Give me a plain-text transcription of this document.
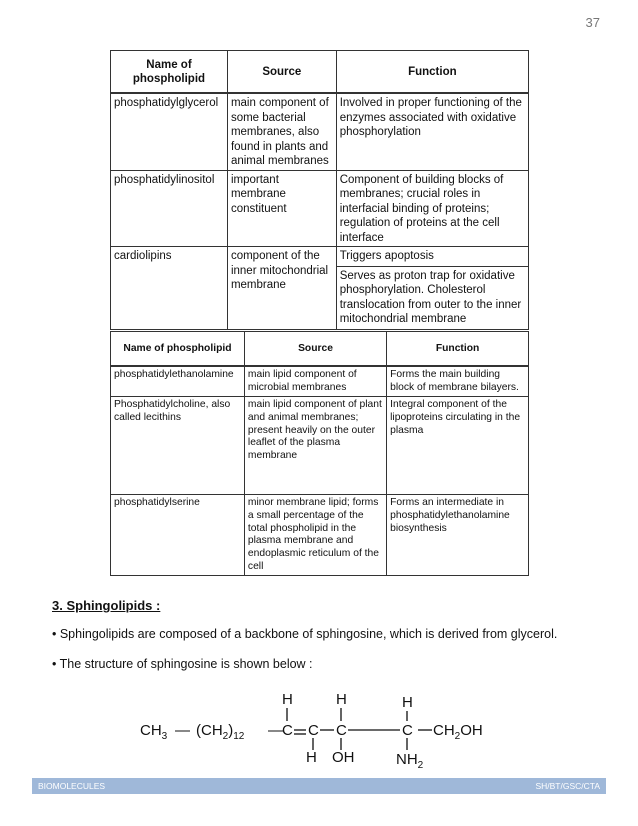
37
Name of phospholipid	Source	Function
phosphatidylglycerol	main component of some bacterial membranes, also found in plants and animal membranes	Involved in proper functioning of the enzymes associated with oxidative phosphorylation
phosphatidylinositol	important membrane constituent	Component of building blocks of membranes; crucial roles in interfacial binding of proteins; regulation of proteins at the cell interface
cardiolipins	component of the inner mitochondrial membrane	Triggers apoptosis
Serves as proton trap for oxidative phosphorylation. Cholesterol translocation from outer to the inner mitochondrial membrane
Name of phospholipid	Source	Function
phosphatidylethanolamine	main lipid component of microbial membranes	Forms the main building block of membrane bilayers.
Phosphatidylcholine, also called lecithins	main lipid component of plant and animal membranes; present heavily on the outer leaflet of the plasma membrane	Integral component of the lipoproteins circulating in the plasma
phosphatidylserine	minor membrane lipid; forms a small percentage of the total phospholipid in the plasma membrane and endoplasmic reticulum of the cell	Forms an intermediate in phosphatidylethanolamine biosynthesis
3. Sphingolipids :
• Sphingolipids are composed of a backbone of sphingosine, which is derived from glycerol.
• The structure of sphingosine is shown below :
$CH_3$ — $(CH_2)_{12}$ — C C C	C $CH_2OH$
H	H	H
H OH	$NH_2$
BIOMOLECULES	SH/BT/GSC/CTA
